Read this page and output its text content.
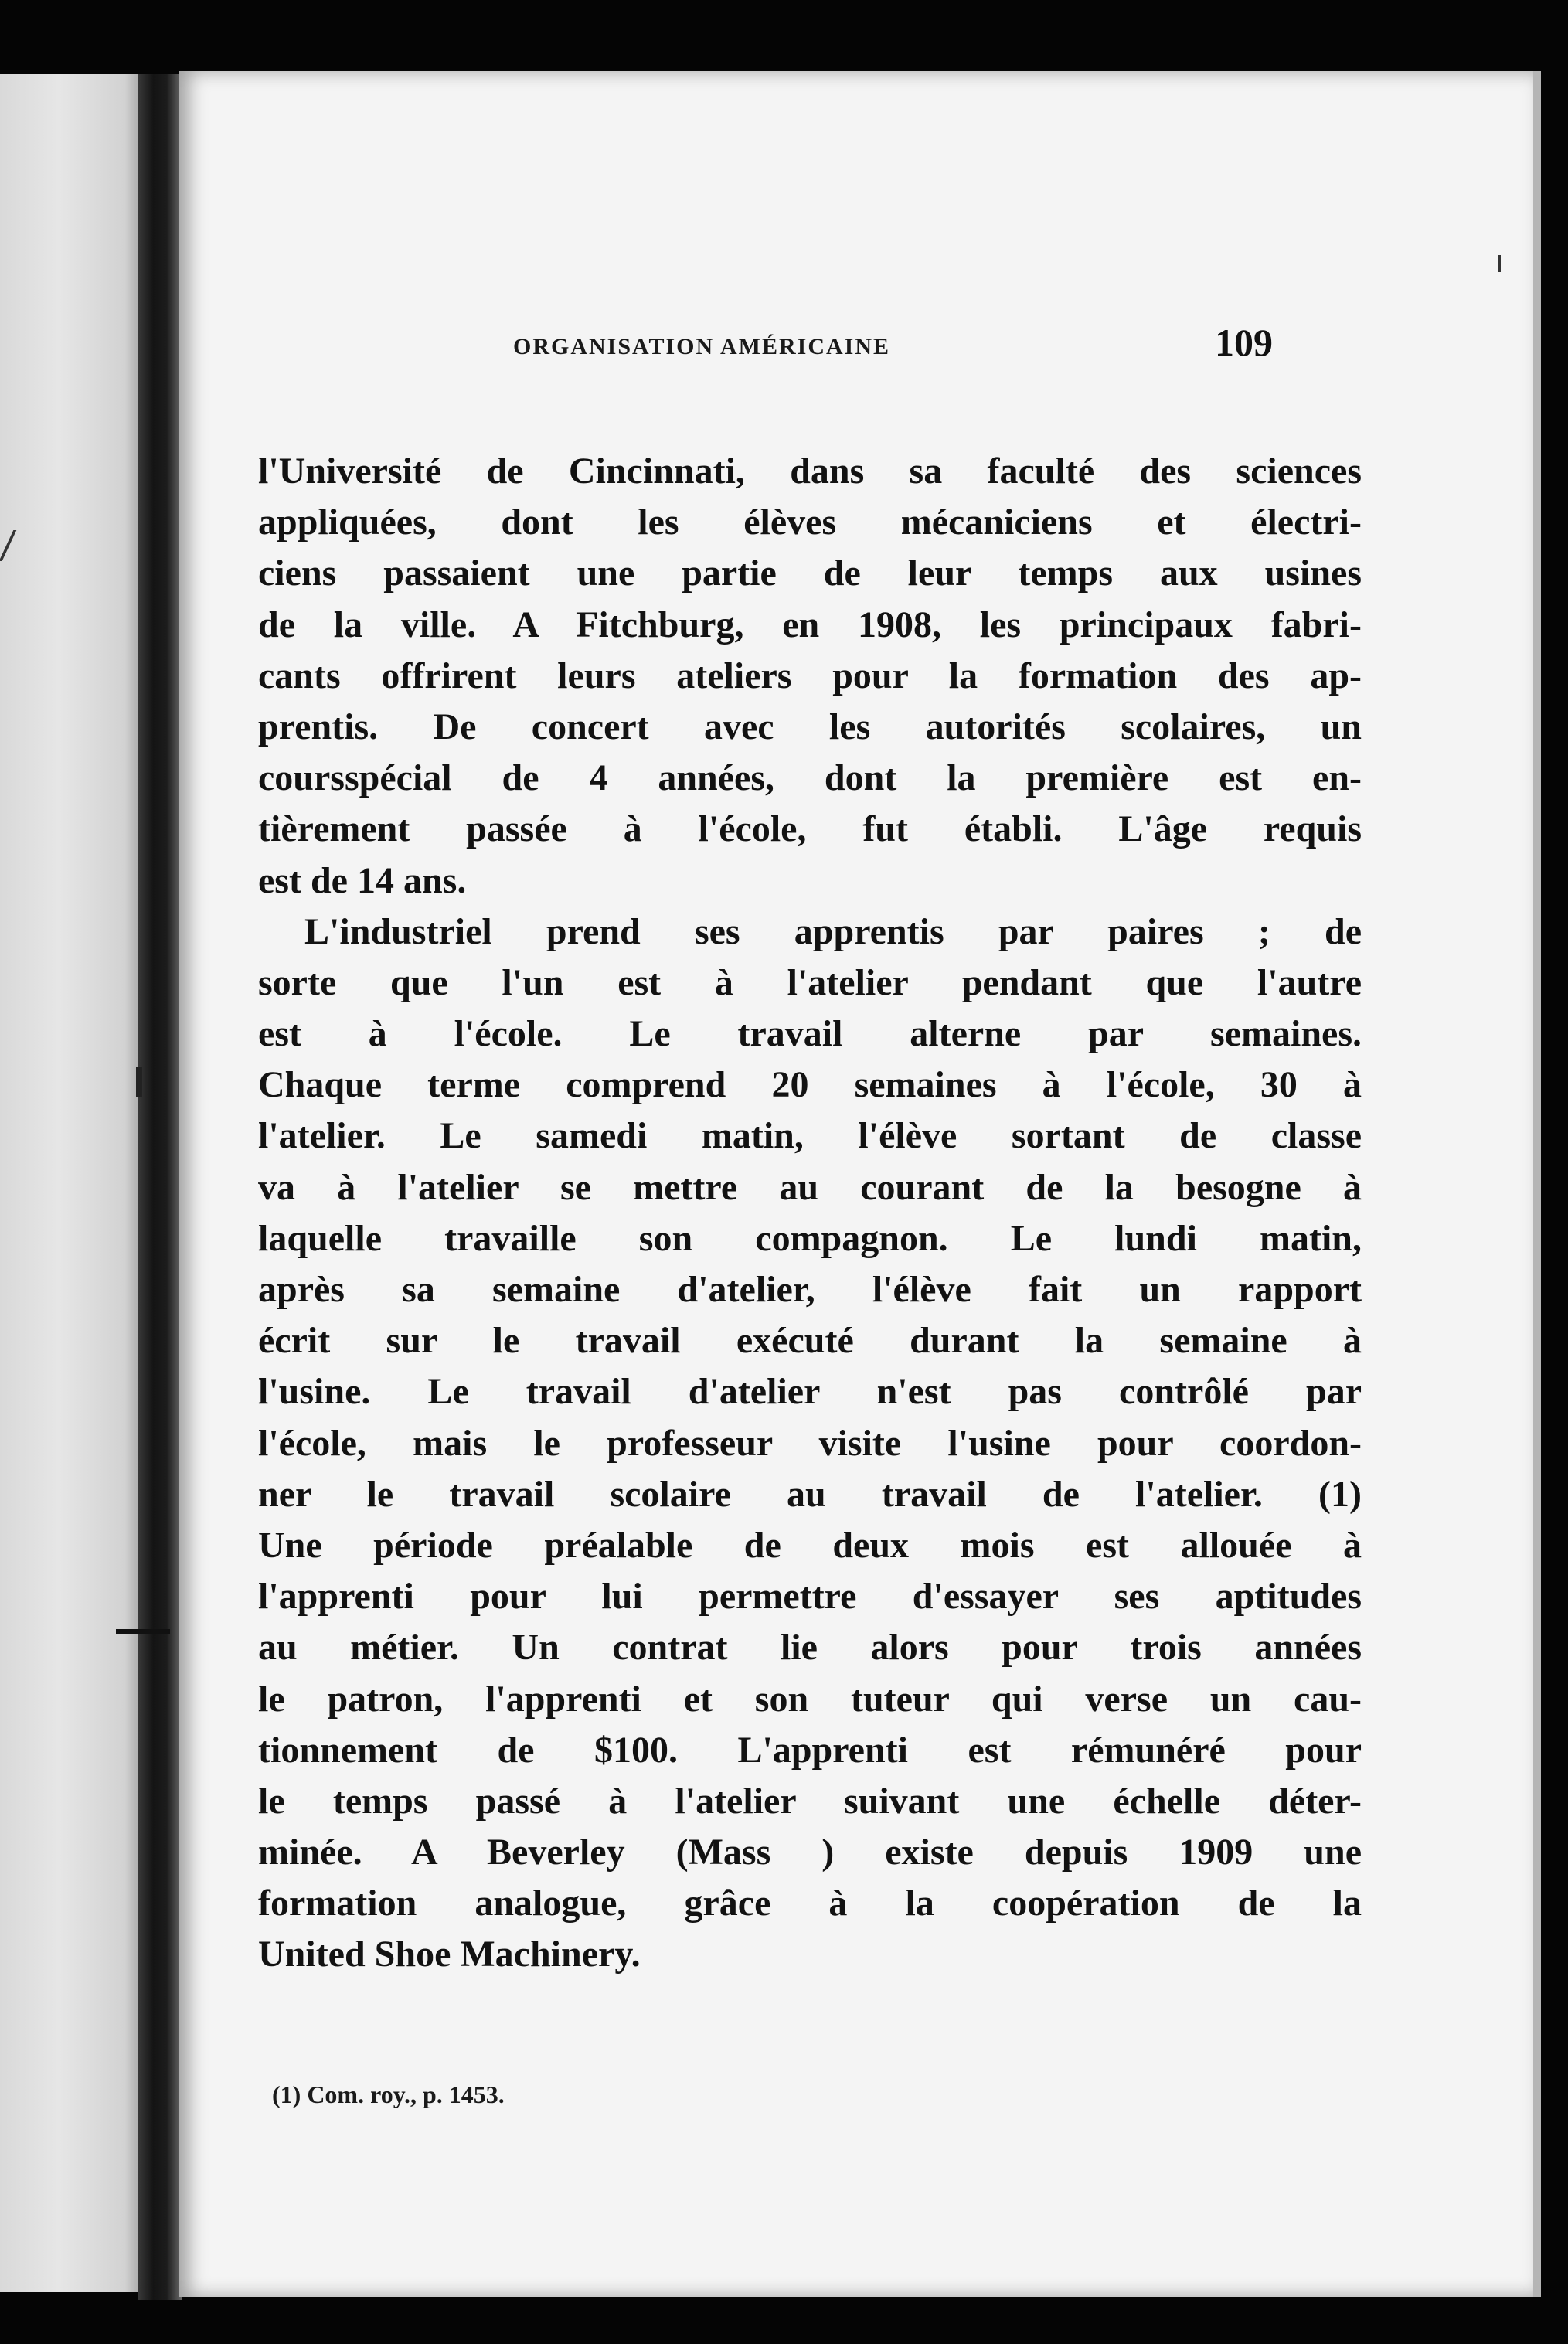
ORGANISATION AMÉRICAINE	109
l'Université de Cincinnati, dans sa faculté des sciences
appliquées, dont les élèves mécaniciens et électri-
ciens passaient une partie de leur temps aux usines
de la ville. A Fitchburg, en 1908, les principaux fabri-
cants offrirent leurs ateliers pour la formation des ap-
prentis. De concert avec les autorités scolaires, un
coursspécial de 4 années, dont la première est en-
tièrement passée à l'école, fut établi. L'âge requis
est de 14 ans.
L'industriel prend ses apprentis par paires ; de
sorte que l'un est à l'atelier pendant que l'autre
est à l'école. Le travail alterne par semaines.
Chaque terme comprend 20 semaines à l'école, 30 à
l'atelier. Le samedi matin, l'élève sortant de classe
va à l'atelier se mettre au courant de la besogne à
laquelle travaille son compagnon. Le lundi matin,
après sa semaine d'atelier, l'élève fait un rapport
écrit sur le travail exécuté durant la semaine à
l'usine. Le travail d'atelier n'est pas contrôlé par
l'école, mais le professeur visite l'usine pour coordon-
ner le travail scolaire au travail de l'atelier. (1)
Une période préalable de deux mois est allouée à
l'apprenti pour lui permettre d'essayer ses aptitudes
au métier. Un contrat lie alors pour trois années
le patron, l'apprenti et son tuteur qui verse un cau-
tionnement de $100. L'apprenti est rémunéré pour
le temps passé à l'atelier suivant une échelle déter-
minée. A Beverley (Mass ) existe depuis 1909 une
formation analogue, grâce à la coopération de la
United Shoe Machinery.
(1) Com. roy., p. 1453.
